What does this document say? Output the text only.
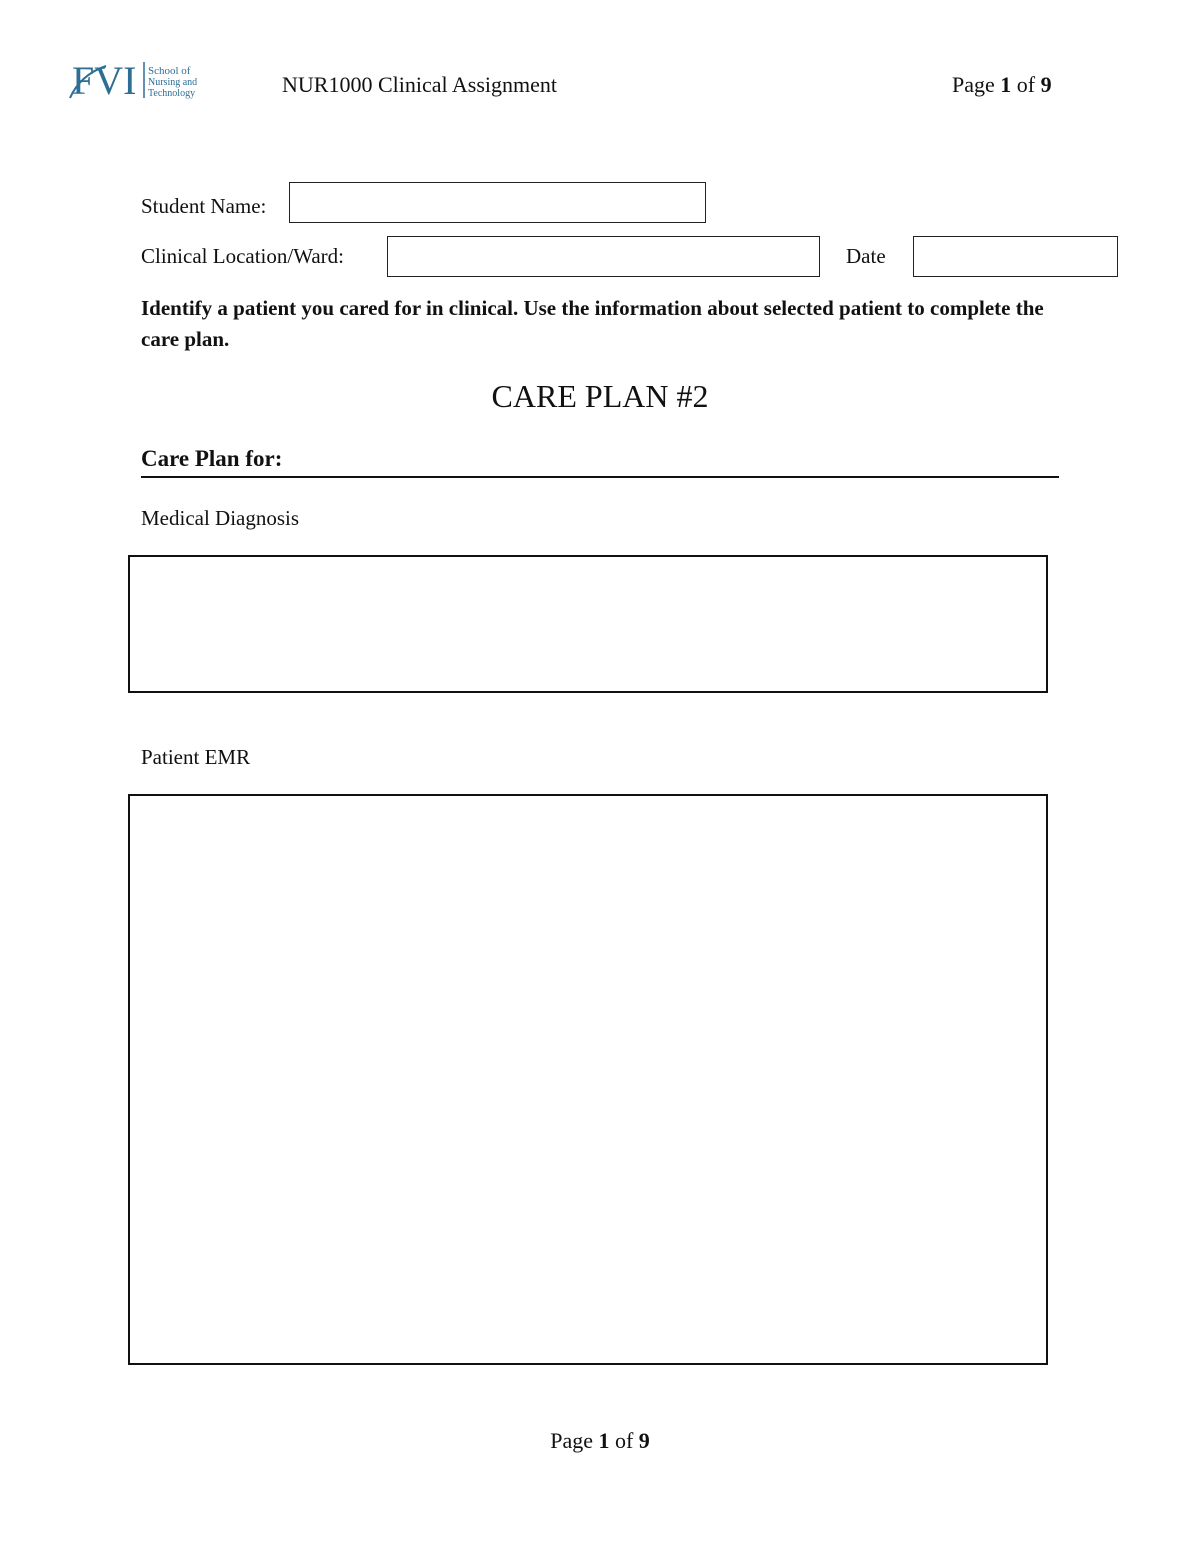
FVI School of
Nursing and
Technology	NUR1000 Clinical Assignment	Page 1 of 9
Student Name:
Clinical Location/Ward:	Date
Identify a patient you cared for in clinical. Use the information about selected patient to complete the care plan.
CARE PLAN #2
Care Plan for:
Medical Diagnosis
Patient EMR
Page 1 of 9
